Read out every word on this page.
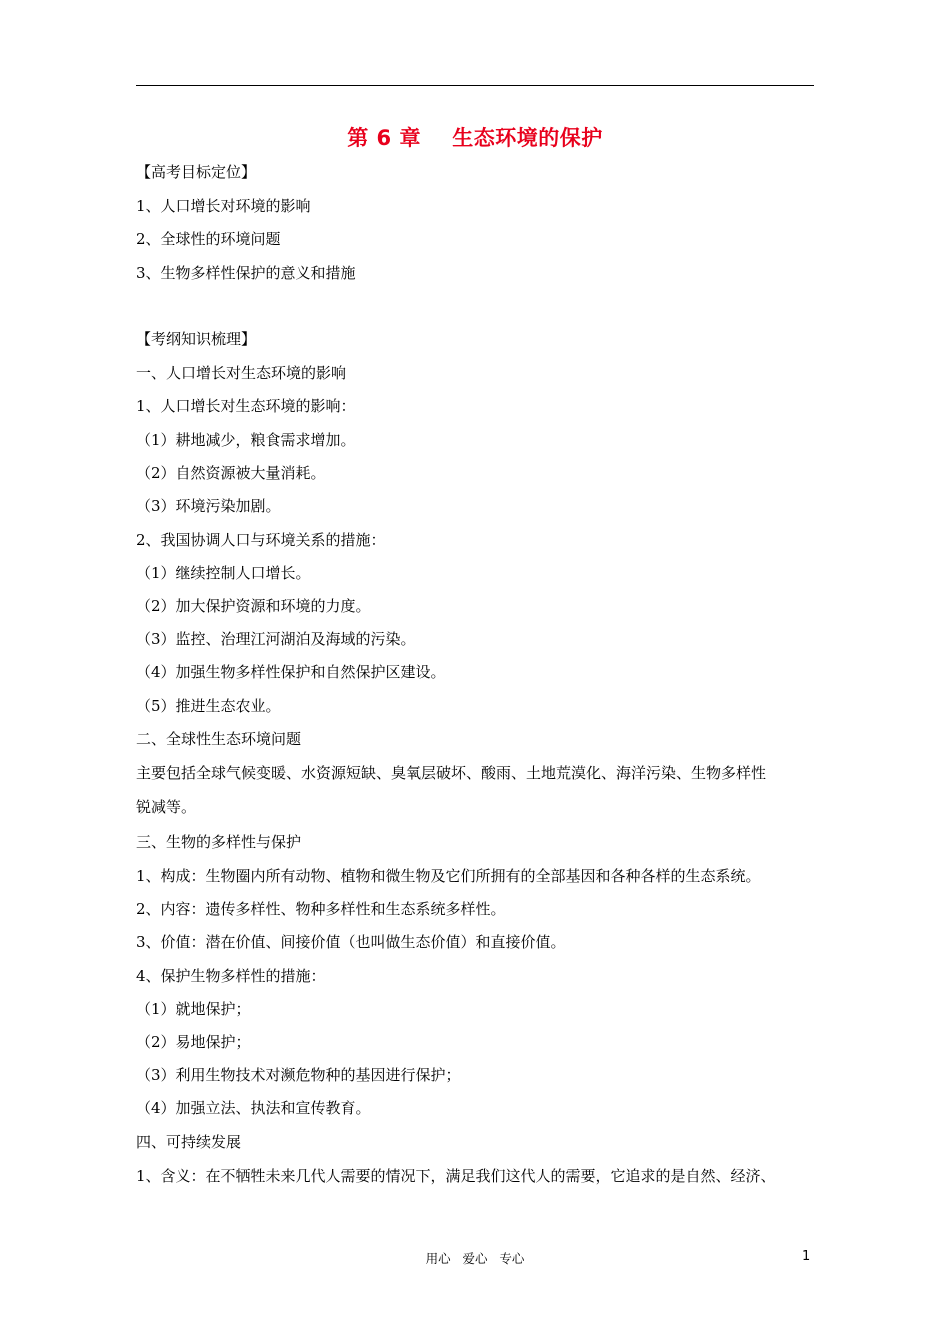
第 6 章    生态环境的保护
【高考目标定位】
1、人口增长对环境的影响
2、全球性的环境问题
3、生物多样性保护的意义和措施
【考纲知识梳理】
一、人口增长对生态环境的影响
1、人口增长对生态环境的影响：
（1）耕地减少，粮食需求增加。
（2）自然资源被大量消耗。
（3）环境污染加剧。
2、我国协调人口与环境关系的措施：
（1）继续控制人口增长。
（2）加大保护资源和环境的力度。
（3）监控、治理江河湖泊及海域的污染。
（4）加强生物多样性保护和自然保护区建设。
（5）推进生态农业。
二、全球性生态环境问题
主要包括全球气候变暖、水资源短缺、臭氧层破坏、酸雨、土地荒漠化、海洋污染、生物多样性
锐减等。
三、生物的多样性与保护
1、构成：生物圈内所有动物、植物和微生物及它们所拥有的全部基因和各种各样的生态系统。
2、内容：遗传多样性、物种多样性和生态系统多样性。
3、价值：潜在价值、间接价值（也叫做生态价值）和直接价值。
4、保护生物多样性的措施：
（1）就地保护；
（2）易地保护；
（3）利用生物技术对濒危物种的基因进行保护；
（4）加强立法、执法和宣传教育。
四、可持续发展
1、含义：在不牺牲未来几代人需要的情况下，满足我们这代人的需要，它追求的是自然、经济、
用心   爱心   专心	1
